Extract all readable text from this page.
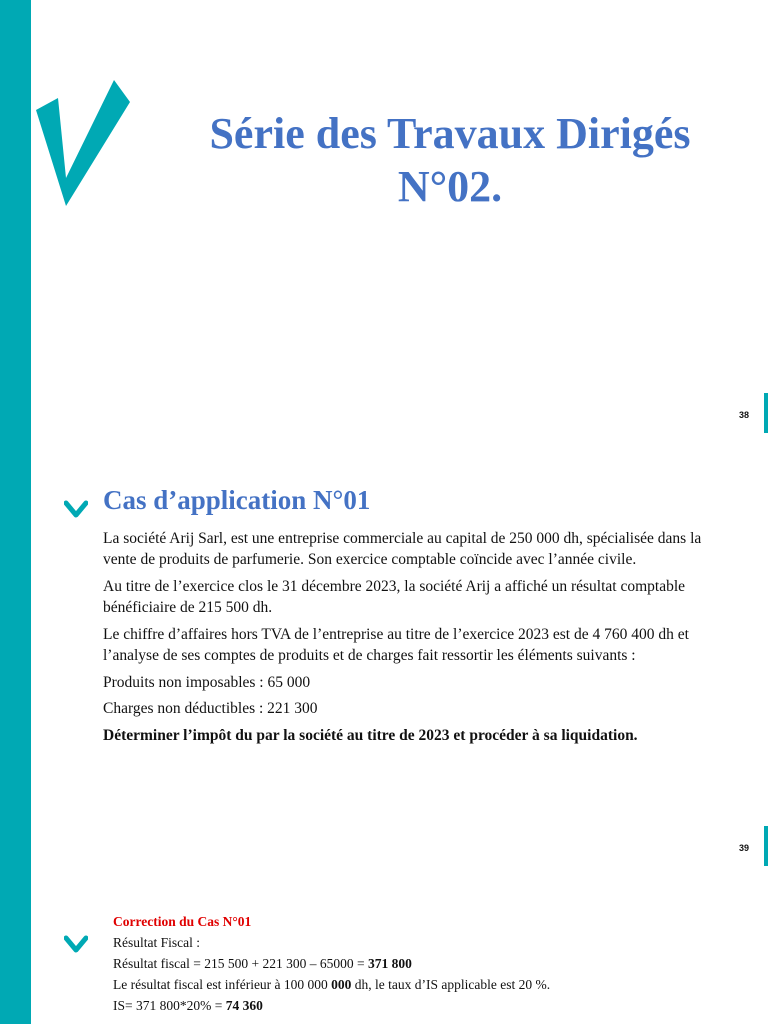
Série des Travaux Dirigés
N°02.
38
Cas d’application N°01

La société Arij Sarl, est une entreprise commerciale au capital de 250 000 dh, spécialisée dans la vente de produits de parfumerie. Son exercice comptable coïncide avec l’année civile.

Au titre de l’exercice clos le 31 décembre 2023, la société Arij a affiché un résultat comptable bénéficiaire de 215 500 dh.

Le chiffre d’affaires hors TVA de l’entreprise au titre de l’exercice 2023 est de 4 760 400 dh et l’analyse de ses comptes de produits et de charges fait ressortir les éléments suivants :

Produits non imposables : 65 000

Charges non déductibles : 221 300

Déterminer l’impôt du par la société au titre de 2023 et procéder à sa liquidation.

39

Correction du Cas N°01

Résultat Fiscal :

Résultat fiscal = 215 500 + 221 300 – 65000 = 371 800

Le résultat fiscal est inférieur à 100 000 000 dh, le taux d’IS applicable est 20 %.

IS= 371 800*20% = 74 360
